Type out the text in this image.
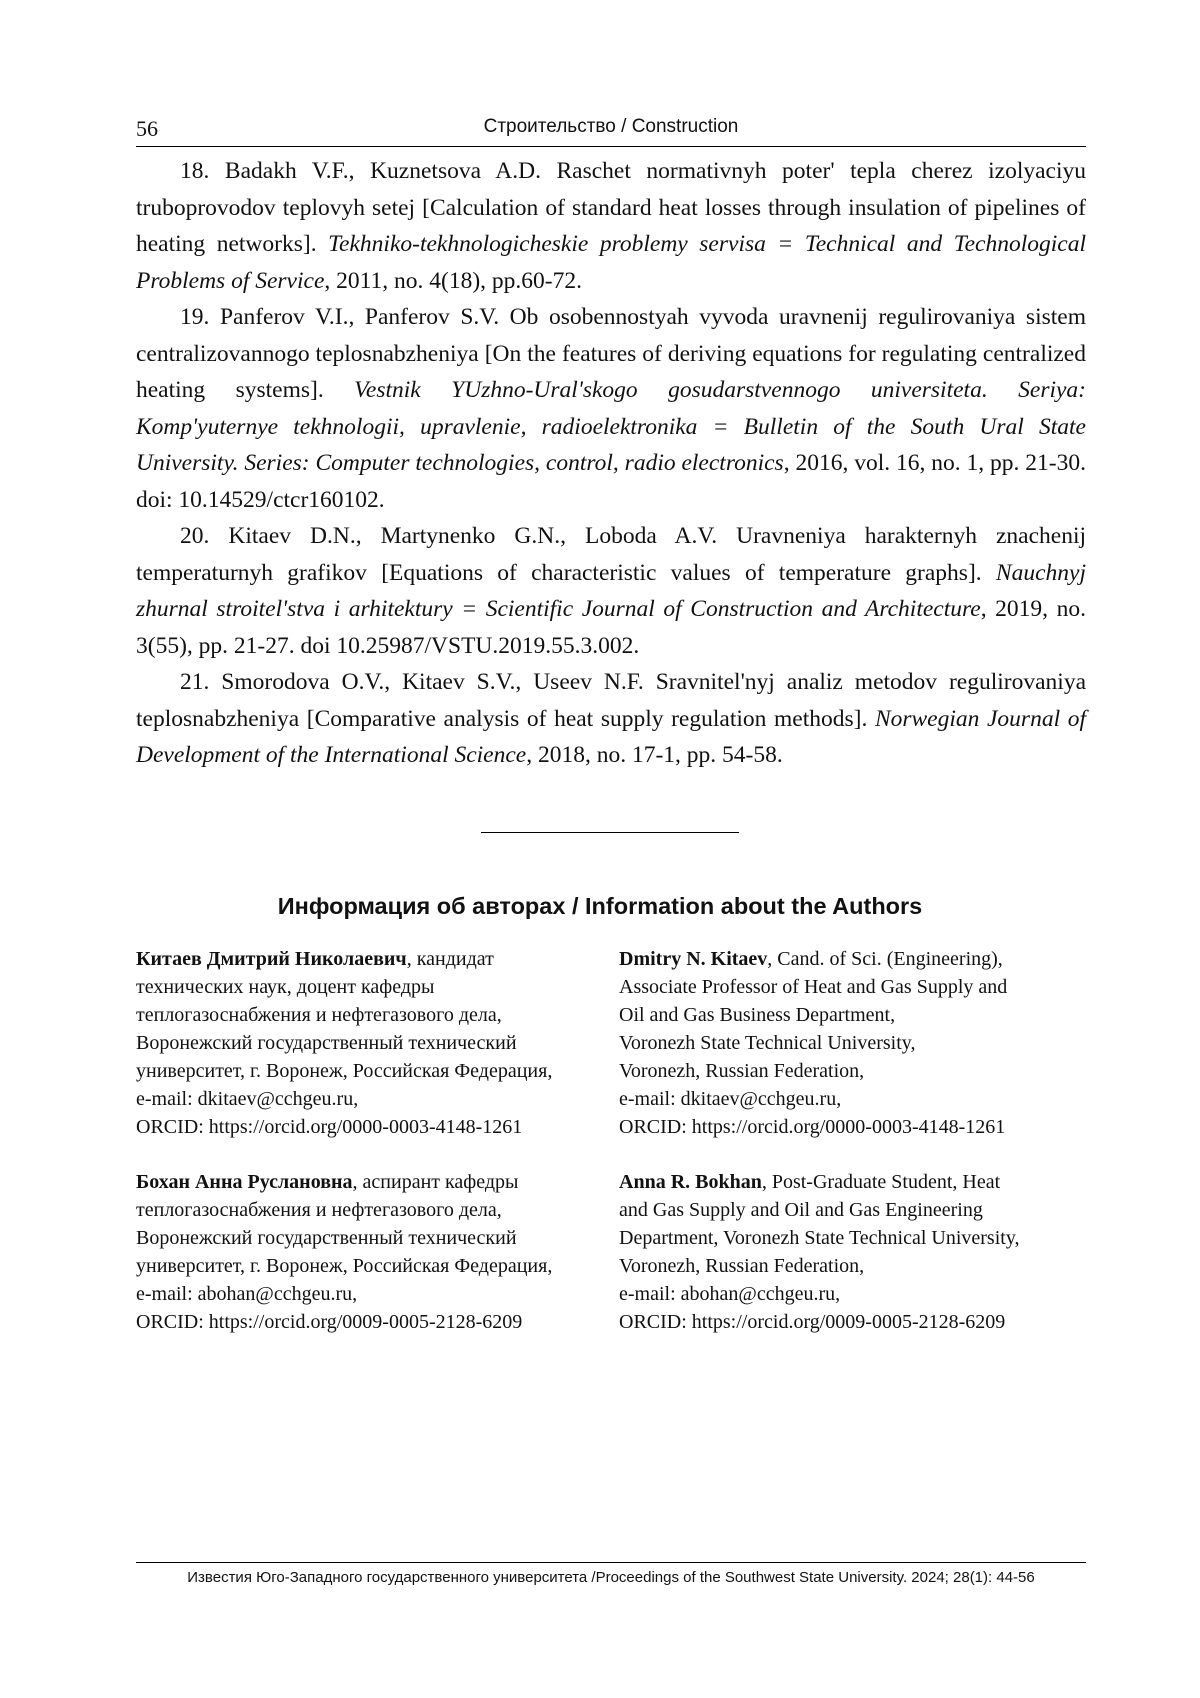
56	Строительство / Construction

18. Badakh V.F., Kuznetsova A.D. Raschet normativnyh poter' tepla cherez izolyaciyu truboprovodov teplovyh setej [Calculation of standard heat losses through insulation of pipelines of heating networks]. Tekhniko-tekhnologicheskie problemy servisa = Technical and Technological Problems of Service, 2011, no. 4(18), pp.60-72.

19. Panferov V.I., Panferov S.V. Ob osobennostyah vyvoda uravnenij regulirovaniya sistem centralizovannogo teplosnabzheniya [On the features of deriving equations for regulating centralized heating systems]. Vestnik YUzhno-Ural'skogo gosudarstvennogo universiteta. Seriya: Komp'yuternye tekhnologii, upravlenie, radioelektronika = Bulletin of the South Ural State University. Series: Computer technologies, control, radio electronics, 2016, vol. 16, no. 1, pp. 21-30. doi: 10.14529/ctcr160102.

20. Kitaev D.N., Martynenko G.N., Loboda A.V. Uravneniya harakternyh znachenij temperaturnyh grafikov [Equations of characteristic values of temperature graphs]. Nauchnyj zhurnal stroitel'stva i arhitektury = Scientific Journal of Construction and Architecture, 2019, no. 3(55), pp. 21-27. doi 10.25987/VSTU.2019.55.3.002.

21. Smorodova O.V., Kitaev S.V., Useev N.F. Sravnitel'nyj analiz metodov regulirоvaniya teplosnabzheniya [Comparative analysis of heat supply regulation methods]. Norwegian Journal of Development of the International Science, 2018, no. 17-1, pp. 54-58.

Информация об авторах / Information about the Authors
Китаев Дмитрий Николаевич, кандидат
технических наук, доцент кафедры
теплогазоснабжения и нефтегазового дела,
Воронежский государственный технический
университет, г. Воронеж, Российская Федерация,
e-mail: dkitaev@cchgeu.ru,
ORCID: https://orcid.org/0000-0003-4148-1261
Dmitry N. Kitaev, Cand. of Sci. (Engineering),
Associate Professor of Heat and Gas Supply and
Oil and Gas Business Department,
Voronezh State Technical University,
Voronezh, Russian Federation,
e-mail: dkitaev@cchgeu.ru,
ORCID: https://orcid.org/0000-0003-4148-1261
Бохан Анна Руслановна, аспирант кафедры
теплогазоснабжения и нефтегазового дела,
Воронежский государственный технический
университет, г. Воронеж, Российская Федерация,
e-mail: abohan@cchgeu.ru,
ORCID: https://orcid.org/0009-0005-2128-6209
Anna R. Bokhan, Post-Graduate Student, Heat
and Gas Supply and Oil and Gas Engineering
Department, Voronezh State Technical University,
Voronezh, Russian Federation,
e-mail: abohan@cchgeu.ru,
ORCID: https://orcid.org/0009-0005-2128-6209
Известия Юго-Западного государственного университета /Proceedings of the Southwest State University. 2024; 28(1): 44-56
